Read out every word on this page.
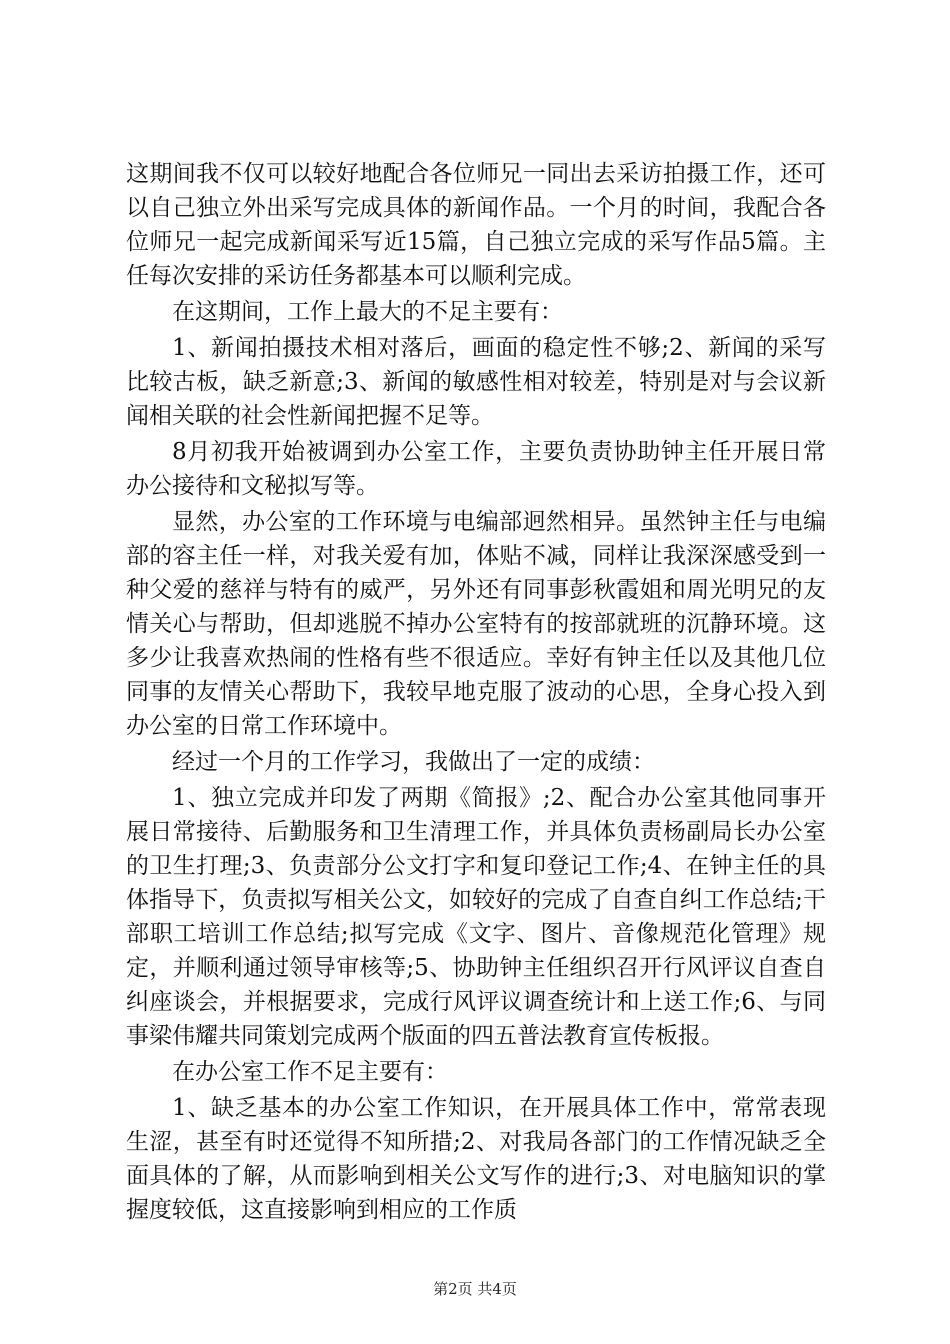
这期间我不仅可以较好地配合各位师兄一同出去采访拍摄工作，还可以自己独立外出采写完成具体的新闻作品。一个月的时间，我配合各位师兄一起完成新闻采写近15篇，自己独立完成的采写作品5篇。主任每次安排的采访任务都基本可以顺利完成。

在这期间，工作上最大的不足主要有：

1、新闻拍摄技术相对落后，画面的稳定性不够;2、新闻的采写比较古板，缺乏新意;3、新闻的敏感性相对较差，特别是对与会议新闻相关联的社会性新闻把握不足等。

8月初我开始被调到办公室工作，主要负责协助钟主任开展日常办公接待和文秘拟写等。

显然，办公室的工作环境与电编部迥然相异。虽然钟主任与电编部的容主任一样，对我关爱有加，体贴不减，同样让我深深感受到一种父爱的慈祥与特有的威严，另外还有同事彭秋霞姐和周光明兄的友情关心与帮助，但却逃脱不掉办公室特有的按部就班的沉静环境。这多少让我喜欢热闹的性格有些不很适应。幸好有钟主任以及其他几位同事的友情关心帮助下，我较早地克服了波动的心思，全身心投入到办公室的日常工作环境中。

经过一个月的工作学习，我做出了一定的成绩：

1、独立完成并印发了两期《简报》;2、配合办公室其他同事开展日常接待、后勤服务和卫生清理工作，并具体负责杨副局长办公室的卫生打理;3、负责部分公文打字和复印登记工作;4、在钟主任的具体指导下，负责拟写相关公文，如较好的完成了自查自纠工作总结;干部职工培训工作总结;拟写完成《文字、图片、音像规范化管理》规定，并顺利通过领导审核等;5、协助钟主任组织召开行风评议自查自纠座谈会，并根据要求，完成行风评议调查统计和上送工作;6、与同事梁伟耀共同策划完成两个版面的四五普法教育宣传板报。

在办公室工作不足主要有：

1、缺乏基本的办公室工作知识，在开展具体工作中，常常表现生涩，甚至有时还觉得不知所措;2、对我局各部门的工作情况缺乏全面具体的了解，从而影响到相关公文写作的进行;3、对电脑知识的掌握度较低，这直接影响到相应的工作质

第2页 共4页
